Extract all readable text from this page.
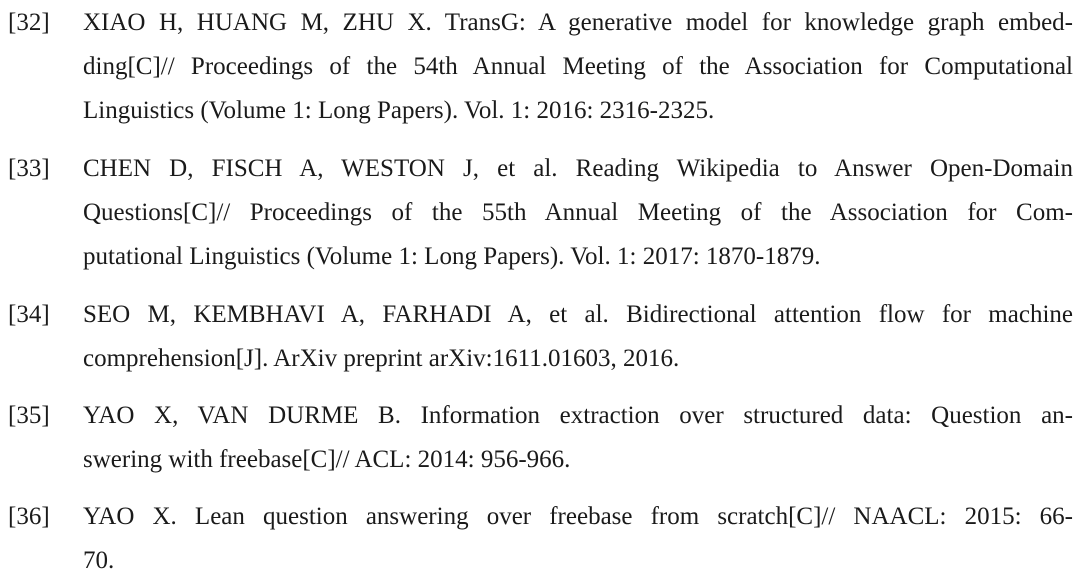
[32] XIAO H, HUANG M, ZHU X. TransG: A generative model for knowledge graph embed-
ding[C]// Proceedings of the 54th Annual Meeting of the Association for Computational
Linguistics (Volume 1: Long Papers). Vol. 1: 2016: 2316-2325.
[33] CHEN D, FISCH A, WESTON J, et al. Reading Wikipedia to Answer Open-Domain
Questions[C]// Proceedings of the 55th Annual Meeting of the Association for Com-
putational Linguistics (Volume 1: Long Papers). Vol. 1: 2017: 1870-1879.
[34] SEO M, KEMBHAVI A, FARHADI A, et al. Bidirectional attention flow for machine
comprehension[J]. ArXiv preprint arXiv:1611.01603, 2016.
[35] YAO X, VAN DURME B. Information extraction over structured data: Question an-
swering with freebase[C]// ACL: 2014: 956-966.
[36] YAO X. Lean question answering over freebase from scratch[C]// NAACL: 2015: 66-
70.
